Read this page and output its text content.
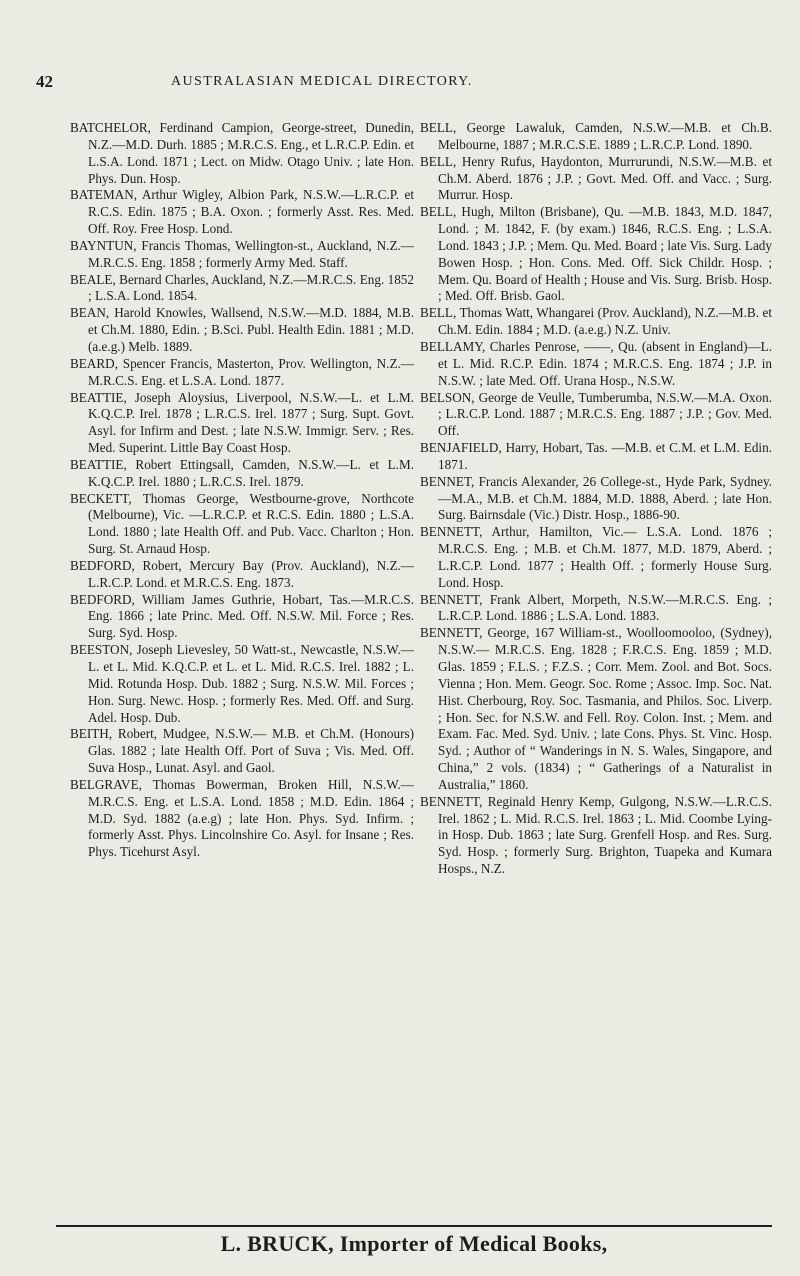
42	AUSTRALASIAN MEDICAL DIRECTORY.

BATCHELOR, Ferdinand Campion, George-street, Dunedin, N.Z.—M.D. Durh. 1885 ; M.R.C.S. Eng., et L.R.C.P. Edin. et L.S.A. Lond. 1871 ; Lect. on Midw. Otago Univ. ; late Hon. Phys. Dun. Hosp.

BATEMAN, Arthur Wigley, Albion Park, N.S.W.—L.R.C.P. et R.C.S. Edin. 1875 ; B.A. Oxon. ; formerly Asst. Res. Med. Off. Roy. Free Hosp. Lond.

BAYNTUN, Francis Thomas, Wellington-st., Auckland, N.Z.—M.R.C.S. Eng. 1858 ; formerly Army Med. Staff.

BEALE, Bernard Charles, Auckland, N.Z.—M.R.C.S. Eng. 1852 ; L.S.A. Lond. 1854.

BEAN, Harold Knowles, Wallsend, N.S.W.—M.D. 1884, M.B. et Ch.M. 1880, Edin. ; B.Sci. Publ. Health Edin. 1881 ; M.D. (a.e.g.) Melb. 1889.

BEARD, Spencer Francis, Masterton, Prov. Wellington, N.Z.—M.R.C.S. Eng. et L.S.A. Lond. 1877.

BEATTIE, Joseph Aloysius, Liverpool, N.S.W.—L. et L.M. K.Q.C.P. Irel. 1878 ; L.R.C.S. Irel. 1877 ; Surg. Supt. Govt. Asyl. for Infirm and Dest. ; late N.S.W. Immigr. Serv. ; Res. Med. Superint. Little Bay Coast Hosp.

BEATTIE, Robert Ettingsall, Camden, N.S.W.—L. et L.M. K.Q.C.P. Irel. 1880 ; L.R.C.S. Irel. 1879.

BECKETT, Thomas George, Westbourne-grove, Northcote (Melbourne), Vic. —L.R.C.P. et R.C.S. Edin. 1880 ; L.S.A. Lond. 1880 ; late Health Off. and Pub. Vacc. Charlton ; Hon. Surg. St. Arnaud Hosp.

BEDFORD, Robert, Mercury Bay (Prov. Auckland), N.Z.—L.R.C.P. Lond. et M.R.C.S. Eng. 1873.

BEDFORD, William James Guthrie, Hobart, Tas.—M.R.C.S. Eng. 1866 ; late Princ. Med. Off. N.S.W. Mil. Force ; Res. Surg. Syd. Hosp.

BEESTON, Joseph Lievesley, 50 Watt-st., Newcastle, N.S.W.—L. et L. Mid. K.Q.C.P. et L. et L. Mid. R.C.S. Irel. 1882 ; L. Mid. Rotunda Hosp. Dub. 1882 ; Surg. N.S.W. Mil. Forces ; Hon. Surg. Newc. Hosp. ; formerly Res. Med. Off. and Surg. Adel. Hosp. Dub.

BEITH, Robert, Mudgee, N.S.W.— M.B. et Ch.M. (Honours) Glas. 1882 ; late Health Off. Port of Suva ; Vis. Med. Off. Suva Hosp., Lunat. Asyl. and Gaol.

BELGRAVE, Thomas Bowerman, Broken Hill, N.S.W.—M.R.C.S. Eng. et L.S.A. Lond. 1858 ; M.D. Edin. 1864 ; M.D. Syd. 1882 (a.e.g) ; late Hon. Phys. Syd. Infirm. ; formerly Asst. Phys. Lincolnshire Co. Asyl. for Insane ; Res. Phys. Ticehurst Asyl.

BELL, George Lawaluk, Camden, N.S.W.—M.B. et Ch.B. Melbourne, 1887 ; M.R.C.S.E. 1889 ; L.R.C.P. Lond. 1890.

BELL, Henry Rufus, Haydonton, Murrurundi, N.S.W.—M.B. et Ch.M. Aberd. 1876 ; J.P. ; Govt. Med. Off. and Vacc. ; Surg. Murrur. Hosp.

BELL, Hugh, Milton (Brisbane), Qu. —M.B. 1843, M.D. 1847, Lond. ; M. 1842, F. (by exam.) 1846, R.C.S. Eng. ; L.S.A. Lond. 1843 ; J.P. ; Mem. Qu. Med. Board ; late Vis. Surg. Lady Bowen Hosp. ; Hon. Cons. Med. Off. Sick Childr. Hosp. ; Mem. Qu. Board of Health ; House and Vis. Surg. Brisb. Hosp. ; Med. Off. Brisb. Gaol.

BELL, Thomas Watt, Whangarei (Prov. Auckland), N.Z.—M.B. et Ch.M. Edin. 1884 ; M.D. (a.e.g.) N.Z. Univ.

BELLAMY, Charles Penrose, ——, Qu. (absent in England)—L. et L. Mid. R.C.P. Edin. 1874 ; M.R.C.S. Eng. 1874 ; J.P. in N.S.W. ; late Med. Off. Urana Hosp., N.S.W.

BELSON, George de Veulle, Tumberumba, N.S.W.—M.A. Oxon. ; L.R.C.P. Lond. 1887 ; M.R.C.S. Eng. 1887 ; J.P. ; Gov. Med. Off.

BENJAFIELD, Harry, Hobart, Tas. —M.B. et C.M. et L.M. Edin. 1871.

BENNET, Francis Alexander, 26 College-st., Hyde Park, Sydney.—M.A., M.B. et Ch.M. 1884, M.D. 1888, Aberd. ; late Hon. Surg. Bairnsdale (Vic.) Distr. Hosp., 1886-90.

BENNETT, Arthur, Hamilton, Vic.— L.S.A. Lond. 1876 ; M.R.C.S. Eng. ; M.B. et Ch.M. 1877, M.D. 1879, Aberd. ; L.R.C.P. Lond. 1877 ; Health Off. ; formerly House Surg. Lond. Hosp.

BENNETT, Frank Albert, Morpeth, N.S.W.—M.R.C.S. Eng. ; L.R.C.P. Lond. 1886 ; L.S.A. Lond. 1883.

BENNETT, George, 167 William-st., Woolloomooloo, (Sydney), N.S.W.— M.R.C.S. Eng. 1828 ; F.R.C.S. Eng. 1859 ; M.D. Glas. 1859 ; F.L.S. ; F.Z.S. ; Corr. Mem. Zool. and Bot. Socs. Vienna ; Hon. Mem. Geogr. Soc. Rome ; Assoc. Imp. Soc. Nat. Hist. Cherbourg, Roy. Soc. Tasmania, and Philos. Soc. Liverp. ; Hon. Sec. for N.S.W. and Fell. Roy. Colon. Inst. ; Mem. and Exam. Fac. Med. Syd. Univ. ; late Cons. Phys. St. Vinc. Hosp. Syd. ; Author of “ Wanderings in N. S. Wales, Singapore, and China,” 2 vols. (1834) ; “ Gatherings of a Naturalist in Australia,” 1860.

BENNETT, Reginald Henry Kemp, Gulgong, N.S.W.—L.R.C.S. Irel. 1862 ; L. Mid. R.C.S. Irel. 1863 ; L. Mid. Coombe Lying-in Hosp. Dub. 1863 ; late Surg. Grenfell Hosp. and Res. Surg. Syd. Hosp. ; formerly Surg. Brighton, Tuapeka and Kumara Hosps., N.Z.

L. BRUCK, Importer of Medical Books,
